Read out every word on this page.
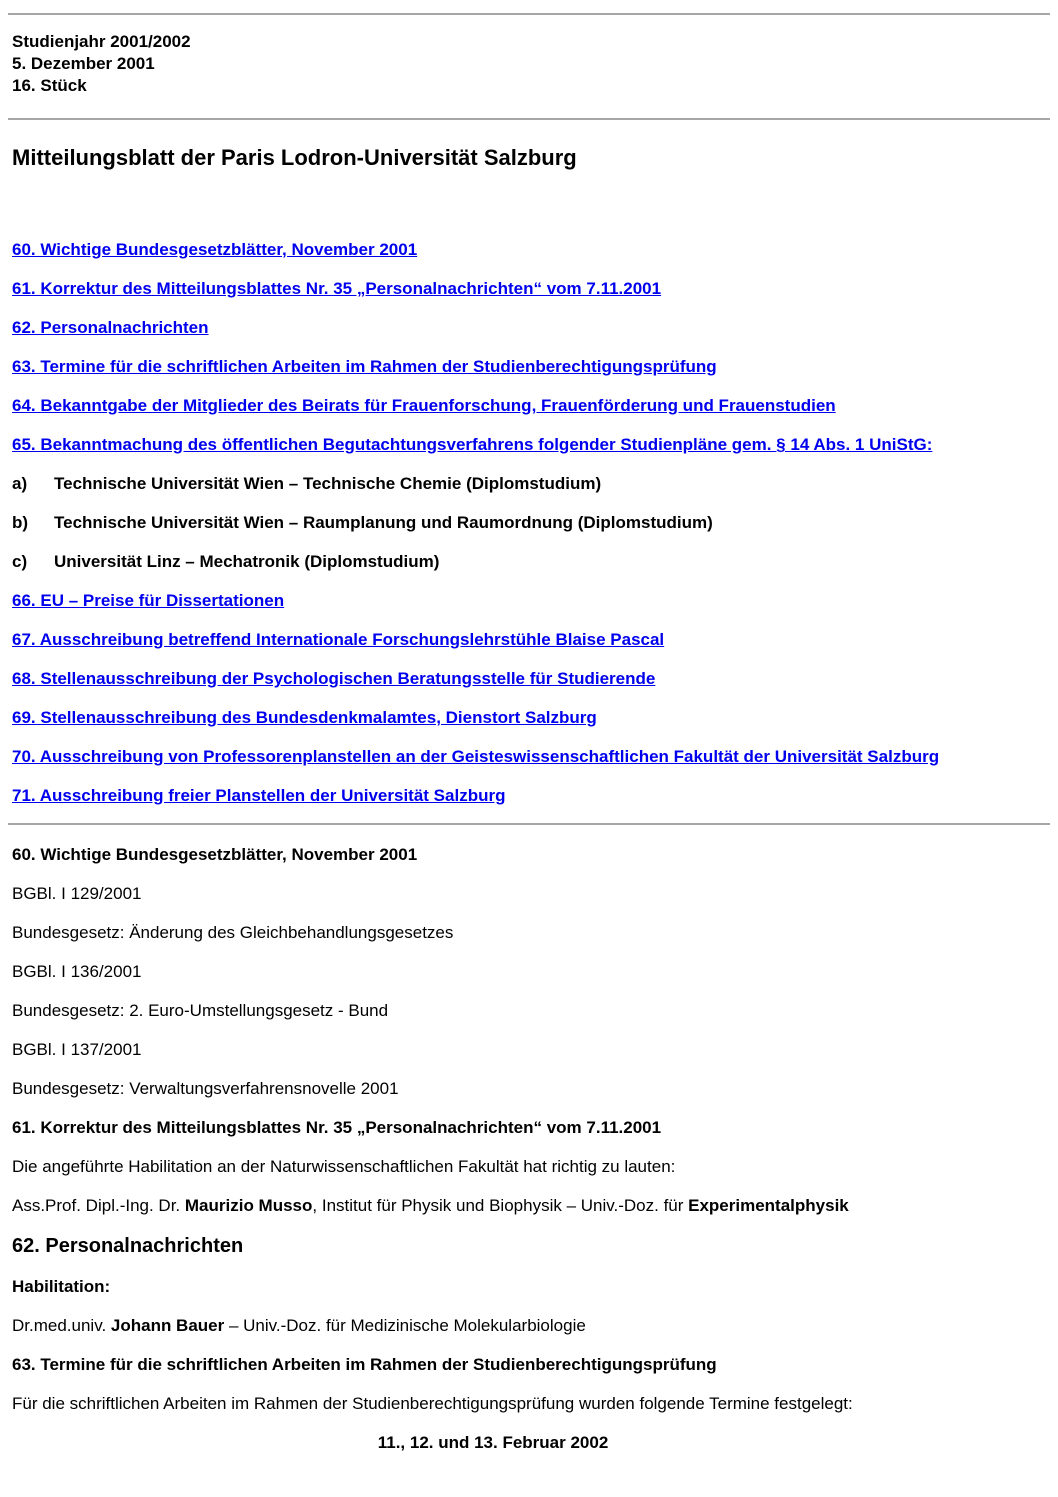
Studienjahr 2001/2002

5. Dezember 2001

16. Stück

Mitteilungsblatt der Paris Lodron-Universität Salzburg
60. Wichtige Bundesgesetzblätter, November 2001
61. Korrektur des Mitteilungsblattes Nr. 35 „Personalnachrichten“ vom 7.11.2001
62. Personalnachrichten
63. Termine für die schriftlichen Arbeiten im Rahmen der Studienberechtigungsprüfung
64. Bekanntgabe der Mitglieder des Beirats für Frauenforschung, Frauenförderung und Frauenstudien
65. Bekanntmachung des öffentlichen Begutachtungsverfahrens folgender Studienpläne gem. § 14 Abs. 1 UniStG:
a)	Technische Universität Wien – Technische Chemie (Diplomstudium)
b)	Technische Universität Wien – Raumplanung und Raumordnung (Diplomstudium)
c)	Universität Linz – Mechatronik (Diplomstudium)
66. EU – Preise für Dissertationen
67. Ausschreibung betreffend Internationale Forschungslehrstühle Blaise Pascal
68. Stellenausschreibung der Psychologischen Beratungsstelle für Studierende
69. Stellenausschreibung des Bundesdenkmalamtes, Dienstort Salzburg
70. Ausschreibung von Professorenplanstellen an der Geisteswissenschaftlichen Fakultät der Universität Salzburg
71. Ausschreibung freier Planstellen der Universität Salzburg
60. Wichtige Bundesgesetzblätter, November 2001

BGBl. I 129/2001

Bundesgesetz: Änderung des Gleichbehandlungsgesetzes

BGBl. I 136/2001

Bundesgesetz: 2. Euro-Umstellungsgesetz - Bund

BGBl. I 137/2001

Bundesgesetz: Verwaltungsverfahrensnovelle 2001

61. Korrektur des Mitteilungsblattes Nr. 35 „Personalnachrichten“ vom 7.11.2001

Die angeführte Habilitation an der Naturwissenschaftlichen Fakultät hat richtig zu lauten:

Ass.Prof. Dipl.-Ing. Dr. Maurizio Musso, Institut für Physik und Biophysik – Univ.-Doz. für Experimentalphysik

62. Personalnachrichten

Habilitation:

Dr.med.univ. Johann Bauer – Univ.-Doz. für Medizinische Molekularbiologie

63. Termine für die schriftlichen Arbeiten im Rahmen der Studienberechtigungsprüfung

Für die schriftlichen Arbeiten im Rahmen der Studienberechtigungsprüfung wurden folgende Termine festgelegt:

11., 12. und 13. Februar 2002
